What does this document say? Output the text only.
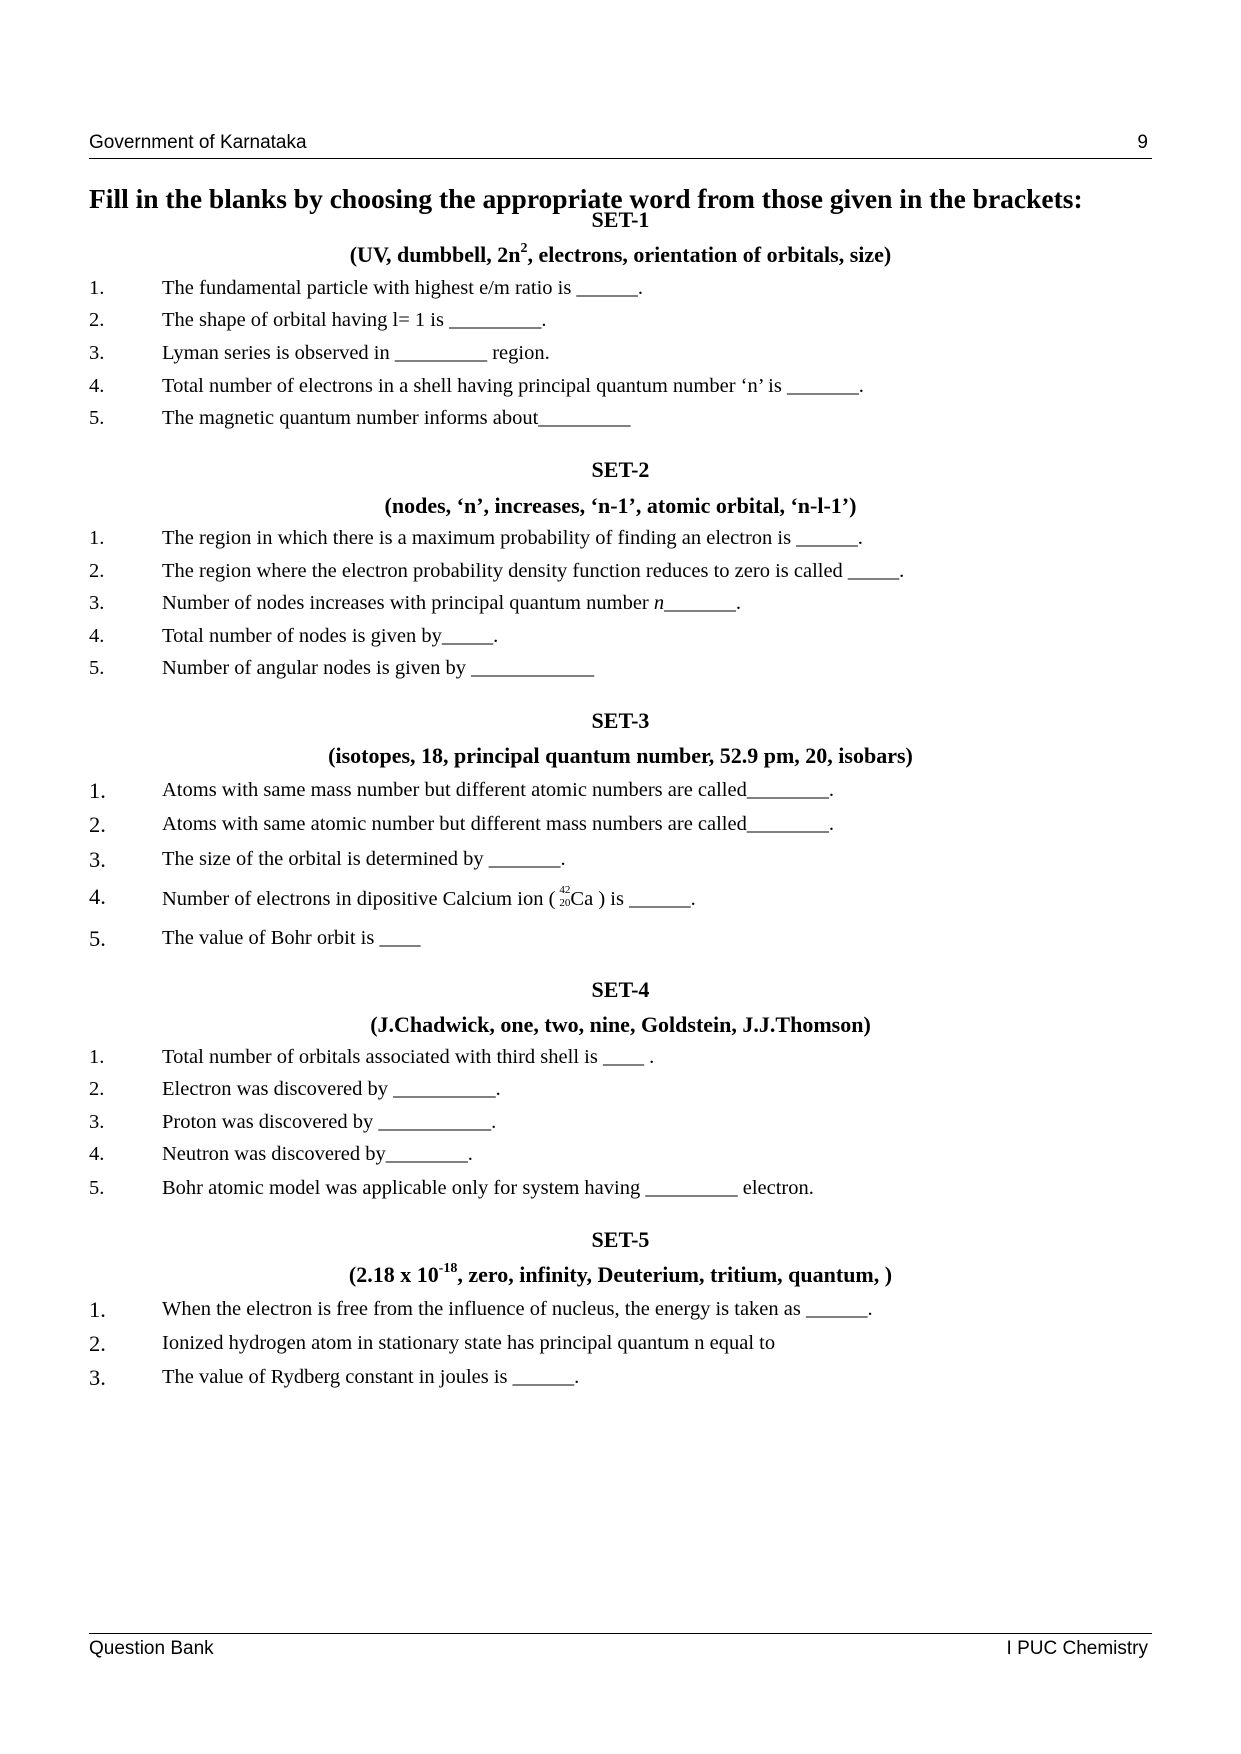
Government of Karnataka	9
Fill in the blanks by choosing the appropriate word from those given in the brackets:
SET-1
(UV, dumbbell, $2n^2$, electrons, orientation of orbitals, size)
1.	The fundamental particle with highest e/m ratio is ______.
2.	The shape of orbital having l= 1 is _________.
3.	Lyman series is observed in _________ region.
4.	Total number of electrons in a shell having principal quantum number ‘n’ is _______.
5.	The magnetic quantum number informs about_________
SET-2
(nodes, ‘n’, increases, ‘n-1’, atomic orbital, ‘n-l-1’)
1.	The region in which there is a maximum probability of finding an electron is ______.
2.	The region where the electron probability density function reduces to zero is called _____.
3.	Number of nodes increases with principal quantum number n_______.
4.	Total number of nodes is given by_____.
5.	Number of angular nodes is given by ____________
SET-3
(isotopes, 18, principal quantum number, 52.9 pm, 20, isobars)
1.	Atoms with same mass number but different atomic numbers are called________.
2.	Atoms with same atomic number but different mass numbers are called________.
3.	The size of the orbital is determined by _______.
4.	Number of electrons in dipositive Calcium ion ( 42
20 Ca ) is ______.
5.	The value of Bohr orbit is ____
SET-4
(J.Chadwick, one, two, nine, Goldstein, J.J.Thomson)
1.	Total number of orbitals associated with third shell is ____ .
2.	Electron was discovered by __________.
3.	Proton was discovered by ___________.
4.	Neutron was discovered by________.
5.	Bohr atomic model was applicable only for system having _________ electron.
SET-5
(2.18 x $10^{-18}$, zero, infinity, Deuterium, tritium, quantum, )
1.	When the electron is free from the influence of nucleus, the energy is taken as ______.
2.	Ionized hydrogen atom in stationary state has principal quantum n equal to
3.	The value of Rydberg constant in joules is ______.
Question Bank	I PUC Chemistry
